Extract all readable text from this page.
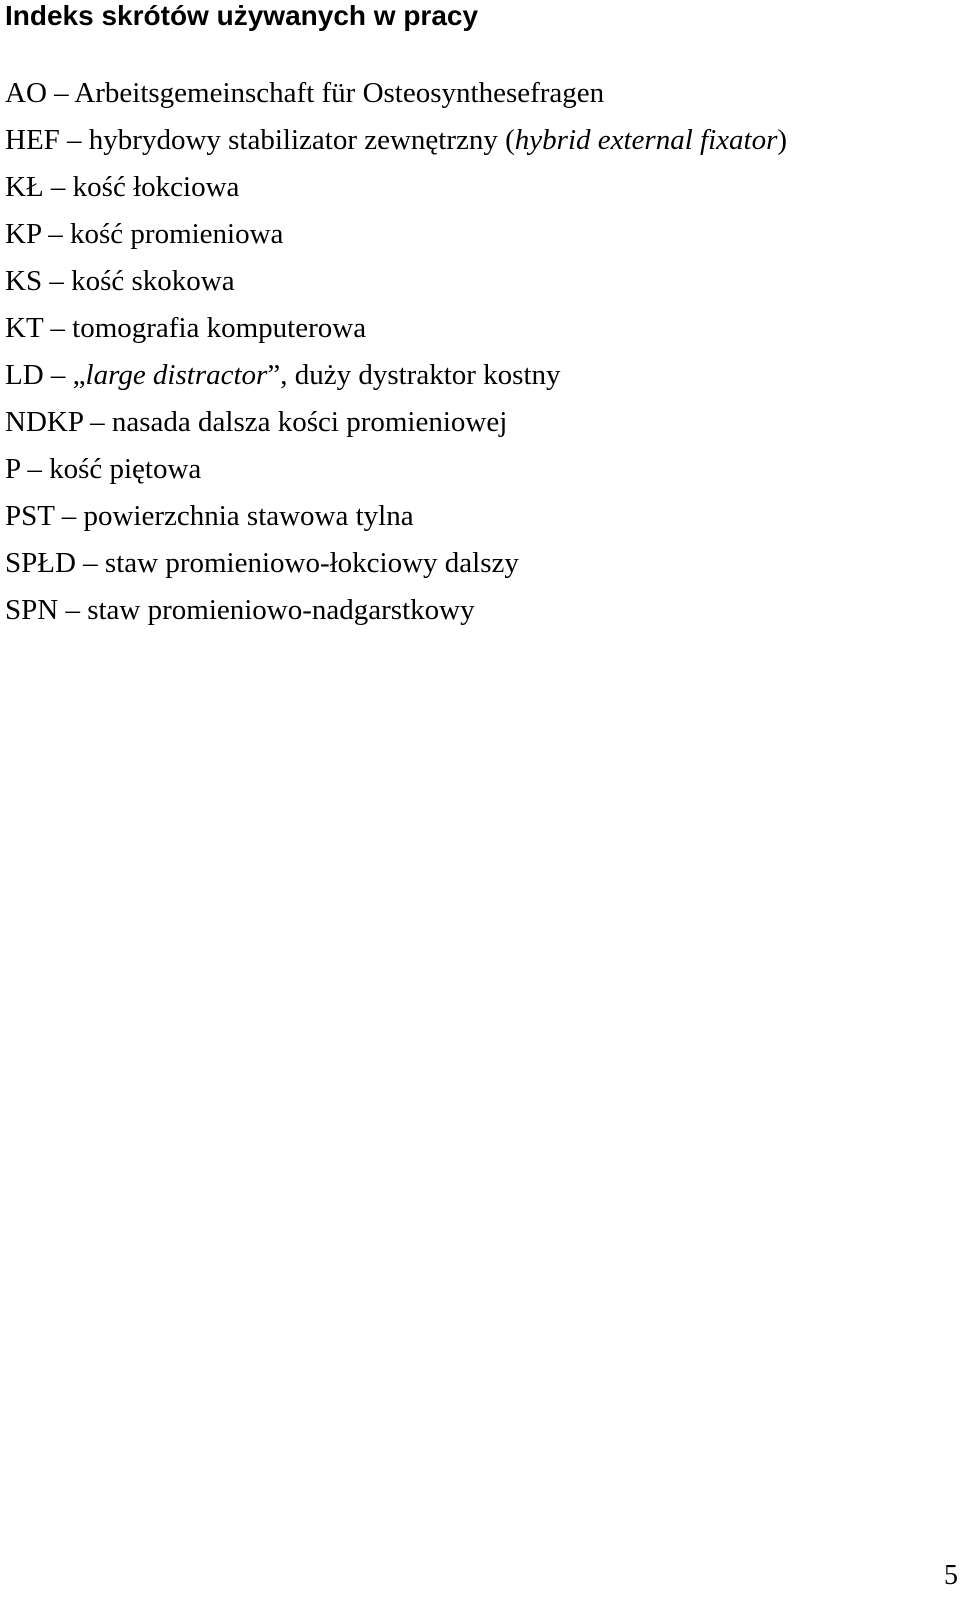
Indeks skrótów używanych w pracy
AO – Arbeitsgemeinschaft für Osteosynthesefragen
HEF – hybrydowy stabilizator zewnętrzny (hybrid external fixator)
KŁ – kość łokciowa
KP – kość promieniowa
KS – kość skokowa
KT – tomografia komputerowa
LD – „large distractor”, duży dystraktor kostny
NDKP – nasada dalsza kości promieniowej
P – kość piętowa
PST – powierzchnia stawowa tylna
SPŁD – staw promieniowo-łokciowy dalszy
SPN – staw promieniowo-nadgarstkowy
5
